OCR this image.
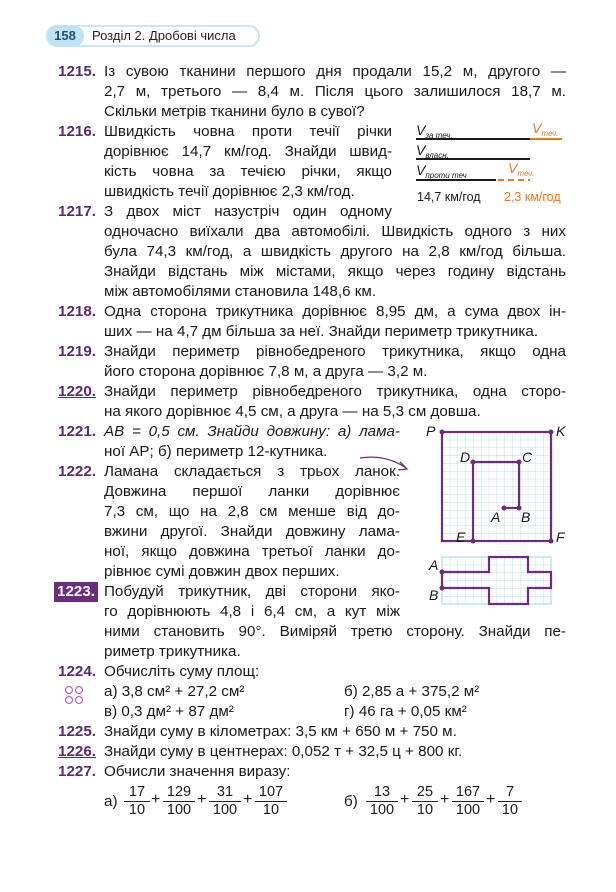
158	Розділ 2. Дробові числа
1215. Із сувою тканини першого дня продали 15,2 м, другого —
2,7 м, третього — 8,4 м. Після цього залишилося 18,7 м.
Скільки метрів тканини було в сувої?
1216. Швидкість човна проти течії річки
дорівнює 14,7 км/год. Знайди швид-
кість човна за течією річки, якщо
швидкість течії дорівнює 2,3 км/год.
$V_{за теч.}$	$V_{теч.}$
$V_{власн.}$
$V_{проти теч}$	$V_{теч.}$
14,7 км/год 2,3 км/год
1217. З двох міст назустріч один одному
одночасно виїхали два автомобілі. Швидкість одного з них
була 74,3 км/год, а швидкість другого на 2,8 км/год більша.
Знайди відстань між містами, якщо через годину відстань
між автомобілями становила 148,6 км.
1218. Одна сторона трикутника дорівнює 8,95 дм, а сума двох ін-
ших — на 4,7 дм більша за неї. Знайди периметр трикутника.
1219. Знайди периметр рівнобедреного трикутника, якщо одна
його сторона дорівнює 7,8 м, а друга — 3,2 м.
1220. Знайди периметр рівнобедреного трикутника, одна сторо-
на якого дорівнює 4,5 см, а друга — на 5,3 см довша.
1221. AB = 0,5 см. Знайди довжину: а) лама-
ної AP; б) периметр 12-кутника.
1222. Ламана складається з трьох ланок.
Довжина першої ланки дорівнює
7,3 см, що на 2,8 см менше від до-
вжини другої. Знайди довжину лама-
ної, якщо довжина третьої ланки до-
рівнює сумі довжин двох перших.
P	K
D	C
A B
E	F
A
B
1223. Побудуй трикутник, дві сторони яко-
го дорівнюють 4,8 і 6,4 см, а кут між
ними становить 90°. Виміряй третю сторону. Знайди пе-
риметр трикутника.
1224. Обчисліть суму площ:
а) 3,8 см² + 27,2 см²	б) 2,85 а + 375,2 м²
в) 0,3 дм² + 87 дм²	г) 46 га + 0,05 км²
1225. Знайди суму в кілометрах: 3,5 км + 650 м + 750 м.
1226. Знайди суму в центнерах: 0,052 т + 32,5 ц + 800 кг.
1227. Обчисли значення виразу:
$а) \frac{17}{10} + \frac{129}{100} + \frac{31}{100} + \frac{107}{10}$	$б) \frac{13}{100} + \frac{25}{10} + \frac{167}{100} + \frac{7}{10}$
